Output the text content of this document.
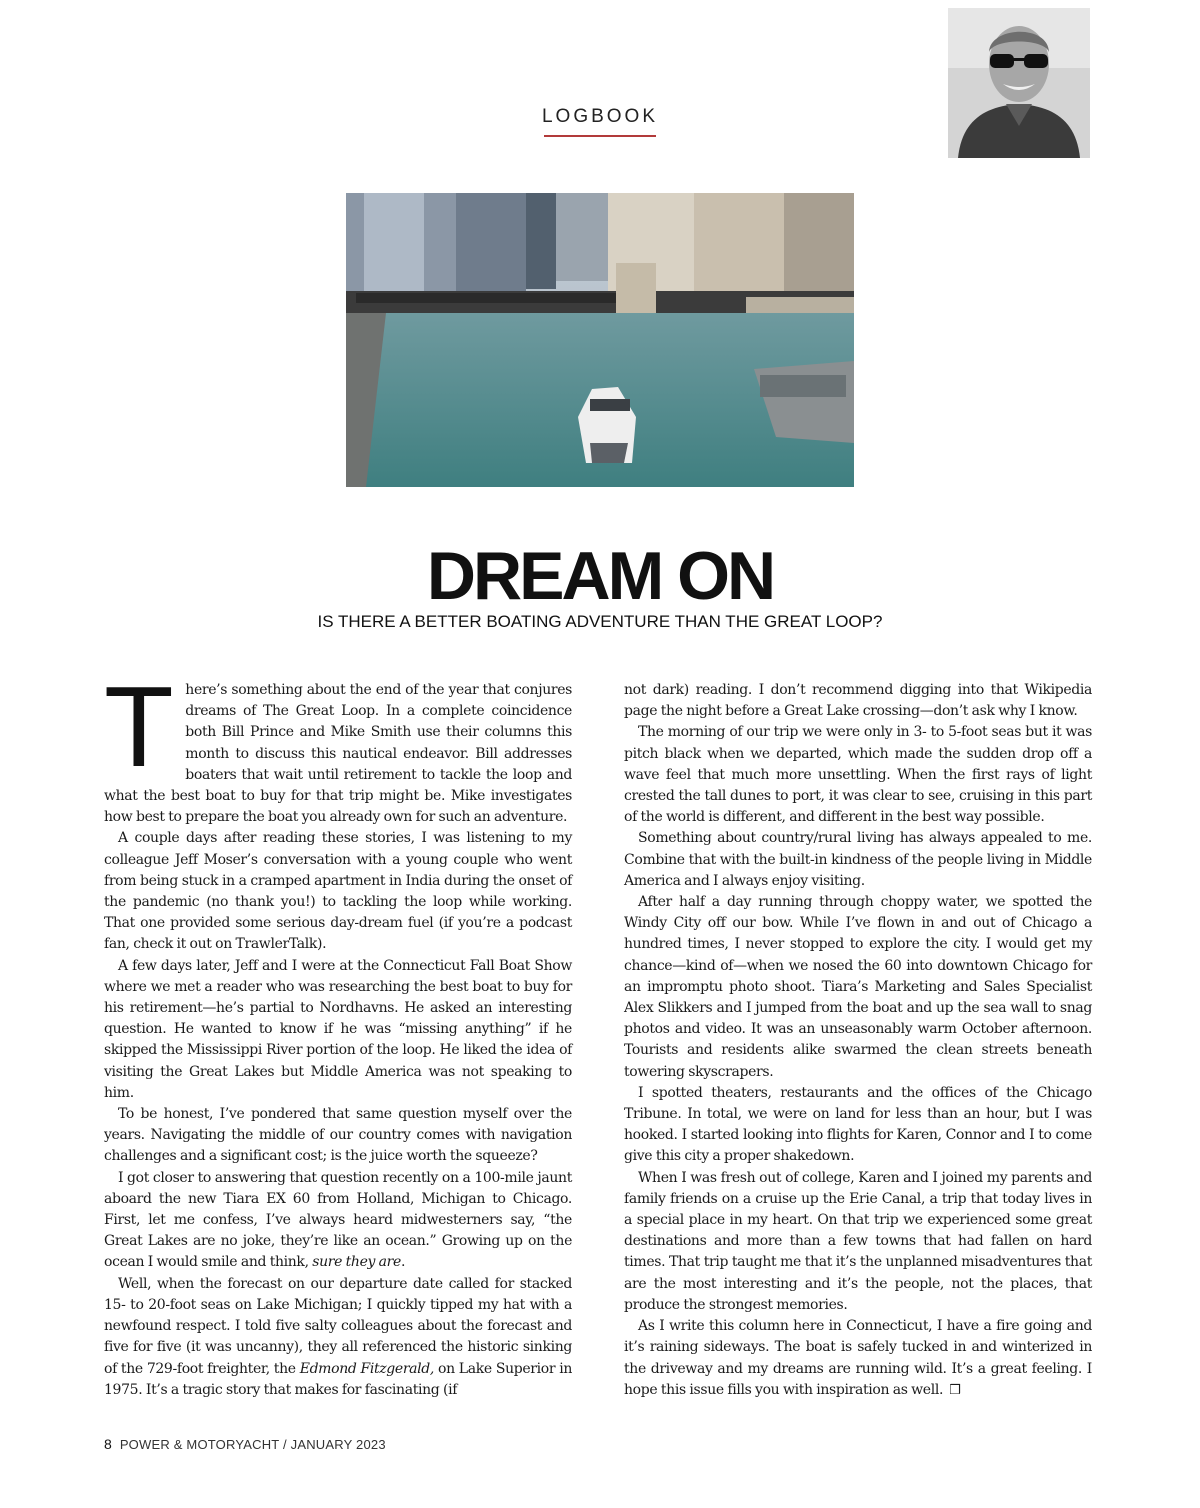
LOGBOOK
DREAM ON
IS THERE A BETTER BOATING ADVENTURE THAN THE GREAT LOOP?

There’s something about the end of the year that conjures dreams of The Great Loop. In a complete coincidence both Bill Prince and Mike Smith use their columns this month to discuss this nautical endeavor. Bill addresses boaters that wait until retirement to tackle the loop and what the best boat to buy for that trip might be. Mike investigates how best to prepare the boat you already own for such an adventure.

A couple days after reading these stories, I was listening to my colleague Jeff Moser’s conversation with a young couple who went from being stuck in a cramped apartment in India during the onset of the pandemic (no thank you!) to tackling the loop while working. That one provided some serious day-dream fuel (if you’re a podcast fan, check it out on TrawlerTalk).

A few days later, Jeff and I were at the Connecticut Fall Boat Show where we met a reader who was researching the best boat to buy for his retirement—he’s partial to Nordhavns. He asked an interesting question. He wanted to know if he was “missing anything” if he skipped the Mississippi River portion of the loop. He liked the idea of visiting the Great Lakes but Middle America was not speaking to him.

To be honest, I’ve pondered that same question myself over the years. Navigating the middle of our country comes with navigation challenges and a significant cost; is the juice worth the squeeze?

I got closer to answering that question recently on a 100-mile jaunt aboard the new Tiara EX 60 from Holland, Michigan to Chicago. First, let me confess, I’ve always heard midwesterners say, “the Great Lakes are no joke, they’re like an ocean.” Growing up on the ocean I would smile and think, sure they are.

Well, when the forecast on our departure date called for stacked 15- to 20-foot seas on Lake Michigan; I quickly tipped my hat with a newfound respect. I told five salty colleagues about the forecast and five for five (it was uncanny), they all referenced the historic sinking of the 729-foot freighter, the Edmond Fitzgerald, on Lake Superior in 1975. It’s a tragic story that makes for fascinating (if

not dark) reading. I don’t recommend digging into that Wikipedia page the night before a Great Lake crossing—don’t ask why I know.

The morning of our trip we were only in 3- to 5-foot seas but it was pitch black when we departed, which made the sudden drop off a wave feel that much more unsettling. When the first rays of light crested the tall dunes to port, it was clear to see, cruising in this part of the world is different, and different in the best way possible.

Something about country/rural living has always appealed to me. Combine that with the built-in kindness of the people living in Middle America and I always enjoy visiting.

After half a day running through choppy water, we spotted the Windy City off our bow. While I’ve flown in and out of Chicago a hundred times, I never stopped to explore the city. I would get my chance—kind of—when we nosed the 60 into downtown Chicago for an impromptu photo shoot. Tiara’s Marketing and Sales Specialist Alex Slikkers and I jumped from the boat and up the sea wall to snag photos and video. It was an unseasonably warm October afternoon. Tourists and residents alike swarmed the clean streets beneath towering skyscrapers.

I spotted theaters, restaurants and the offices of the Chicago Tribune. In total, we were on land for less than an hour, but I was hooked. I started looking into flights for Karen, Connor and I to come give this city a proper shakedown.

When I was fresh out of college, Karen and I joined my parents and family friends on a cruise up the Erie Canal, a trip that today lives in a special place in my heart. On that trip we experienced some great destinations and more than a few towns that had fallen on hard times. That trip taught me that it’s the unplanned misadventures that are the most interesting and it’s the people, not the places, that produce the strongest memories.

As I write this column here in Connecticut, I have a fire going and it’s raining sideways. The boat is safely tucked in and winterized in the driveway and my dreams are running wild. It’s a great feeling. I hope this issue fills you with inspiration as well. ❒

8 POWER & MOTORYACHT / JANUARY 2023
